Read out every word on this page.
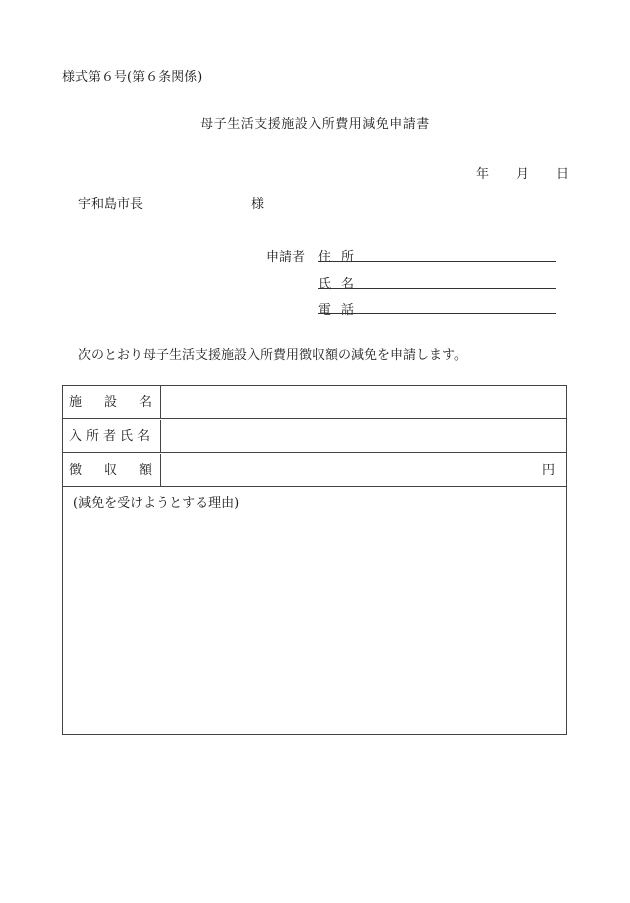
様式第６号(第６条関係)
母子生活支援施設入所費用減免申請書
年 月 日
宇和島市長	様
申請者 住所
氏名
電話
次のとおり母子生活支援施設入所費用徴収額の減免を申請します。
施設名
入所者氏名
徴収額	円
(減免を受けようとする理由)
